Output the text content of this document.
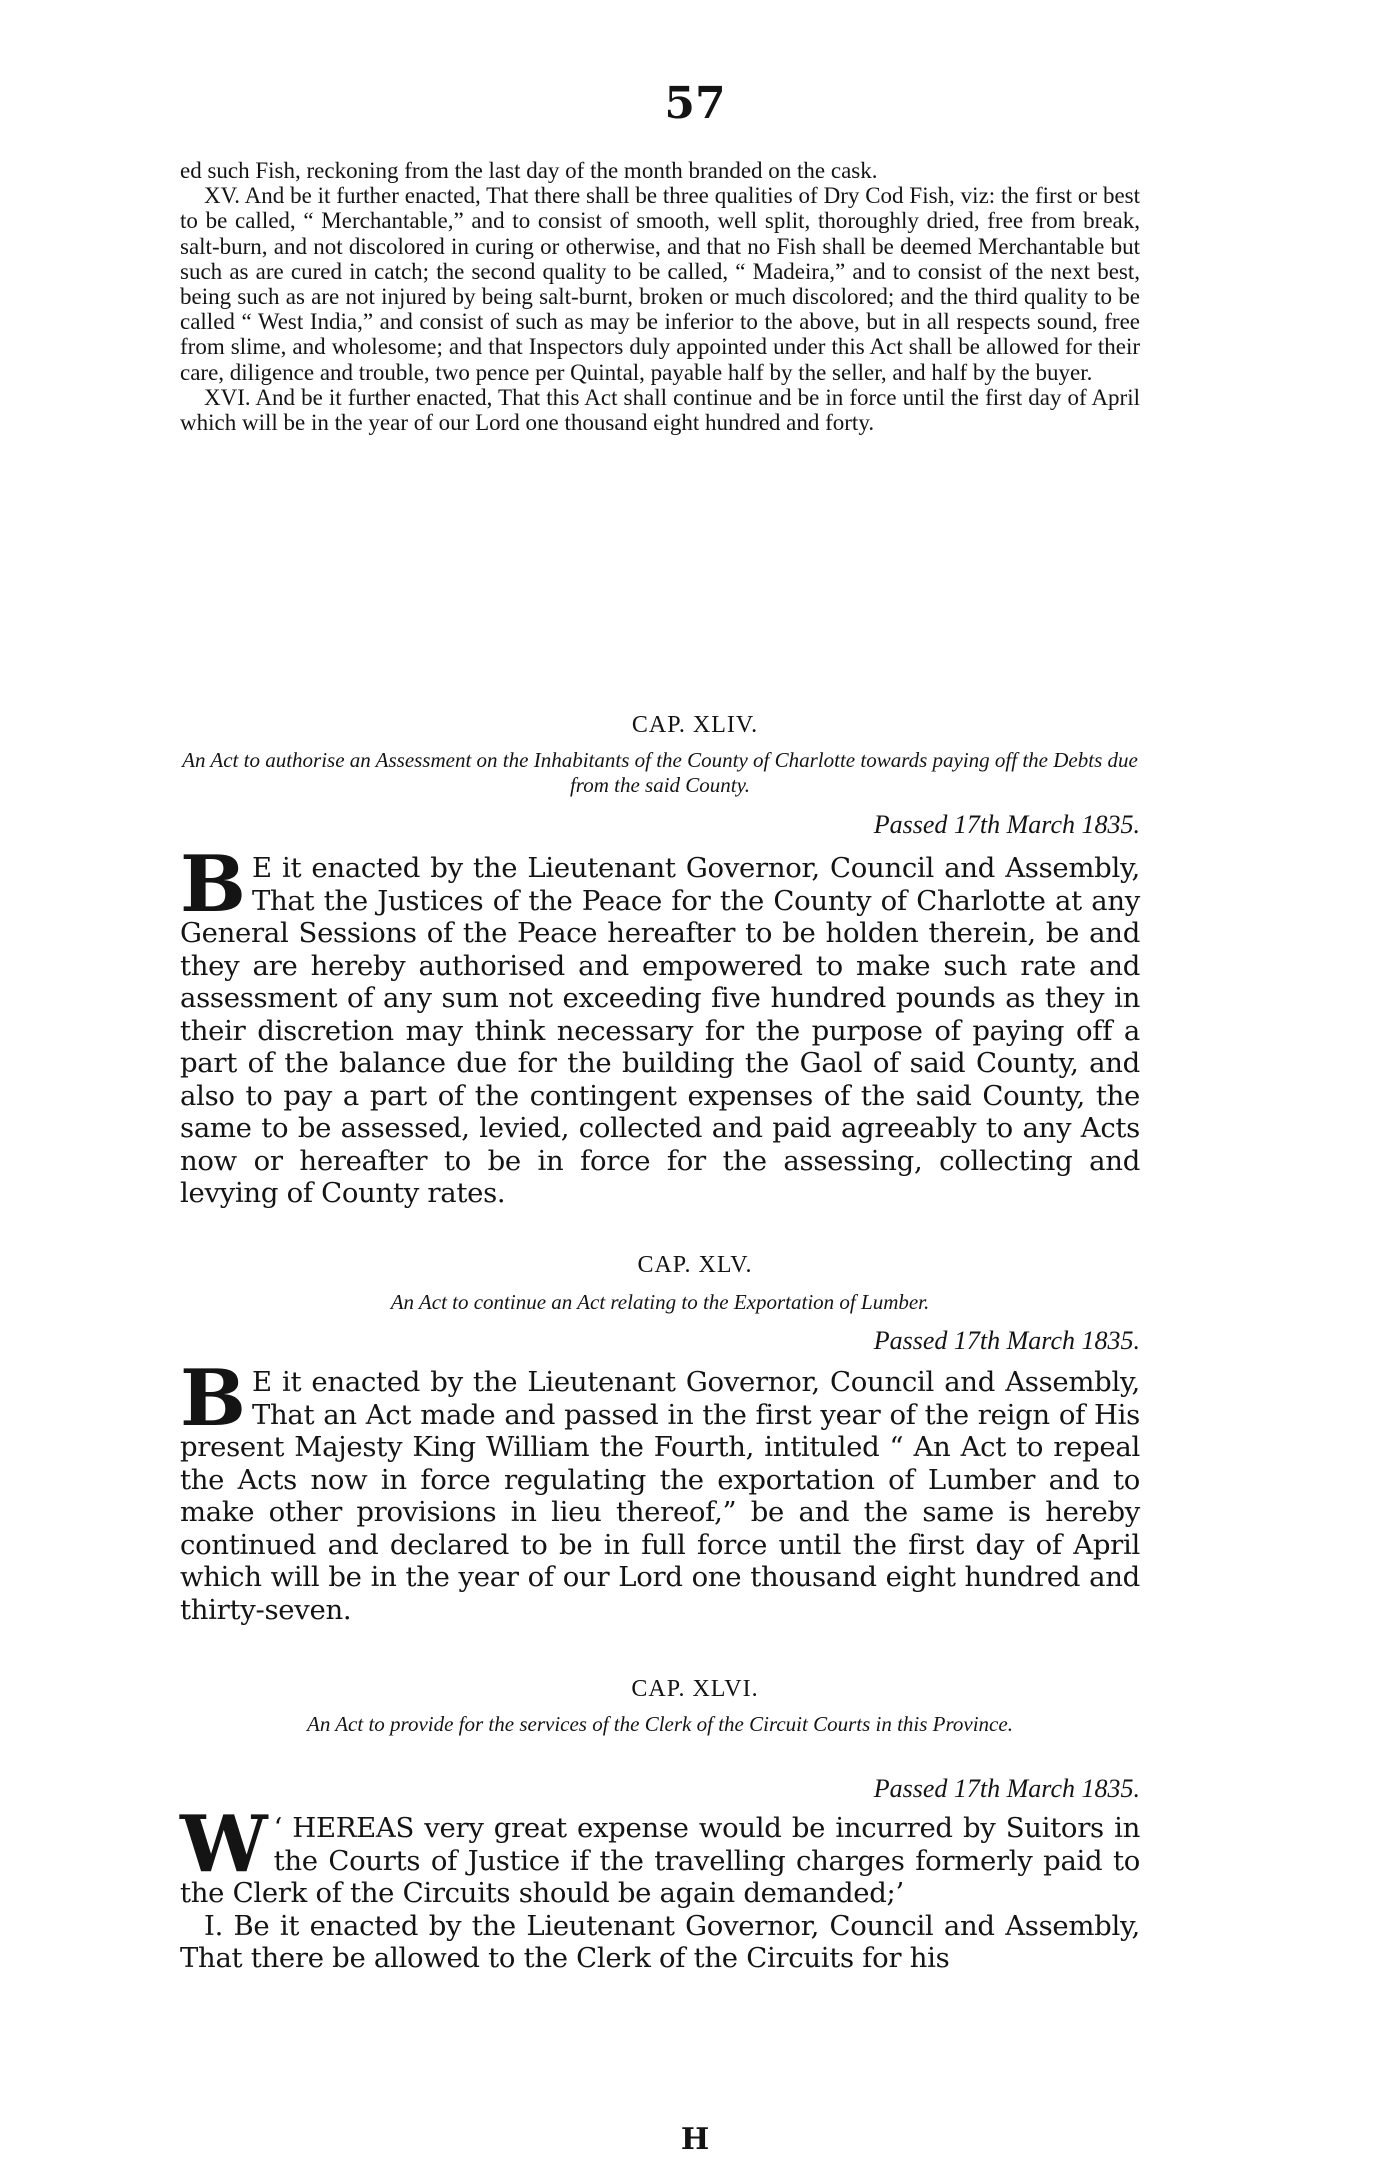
57

ed such Fish, reckoning from the last day of the month branded on the cask.

XV. And be it further enacted, That there shall be three qualities of Dry Cod Fish, viz: the first or best to be called, “ Merchantable,” and to consist of smooth, well split, thoroughly dried, free from break, salt-burn, and not discolored in curing or otherwise, and that no Fish shall be deemed Merchantable but such as are cured in catch; the second quality to be called, “ Madeira,” and to consist of the next best, being such as are not injured by being salt-burnt, broken or much discolored; and the third quality to be called “ West India,” and consist of such as may be inferior to the above, but in all respects sound, free from slime, and wholesome; and that Inspectors duly appointed under this Act shall be allowed for their care, diligence and trouble, two pence per Quintal, payable half by the seller, and half by the buyer.

XVI. And be it further enacted, That this Act shall continue and be in force until the first day of April which will be in the year of our Lord one thousand eight hundred and forty.

CAP. XLIV.
An Act to authorise an Assessment on the Inhabitants of the County of Charlotte towards paying off the Debts due from the said County.
Passed 17th March 1835.

B E it enacted by the Lieutenant Governor, Council and Assembly, That the Justices of the Peace for the County of Charlotte at any General Sessions of the Peace hereafter to be holden therein, be and they are hereby authorised and empowered to make such rate and assessment of any sum not exceeding five hundred pounds as they in their discretion may think necessary for the purpose of paying off a part of the balance due for the building the Gaol of said County, and also to pay a part of the contingent expenses of the said County, the same to be assessed, levied, collected and paid agreeably to any Acts now or hereafter to be in force for the assessing, collecting and levying of County rates.

CAP. XLV.
An Act to continue an Act relating to the Exportation of Lumber.
Passed 17th March 1835.

B E it enacted by the Lieutenant Governor, Council and Assembly, That an Act made and passed in the first year of the reign of His present Majesty King William the Fourth, intituled “ An Act to repeal the Acts now in force regulating the exportation of Lumber and to make other provisions in lieu thereof,” be and the same is hereby continued and declared to be in full force until the first day of April which will be in the year of our Lord one thousand eight hundred and thirty-seven.

CAP. XLVI.
An Act to provide for the services of the Clerk of the Circuit Courts in this Province.
Passed 17th March 1835.

W ‘ HEREAS very great expense would be incurred by Suitors in the Courts of Justice if the travelling charges formerly paid to the Clerk of the Circuits should be again demanded;’

I. Be it enacted by the Lieutenant Governor, Council and Assembly, That there be allowed to the Clerk of the Circuits for his

H
